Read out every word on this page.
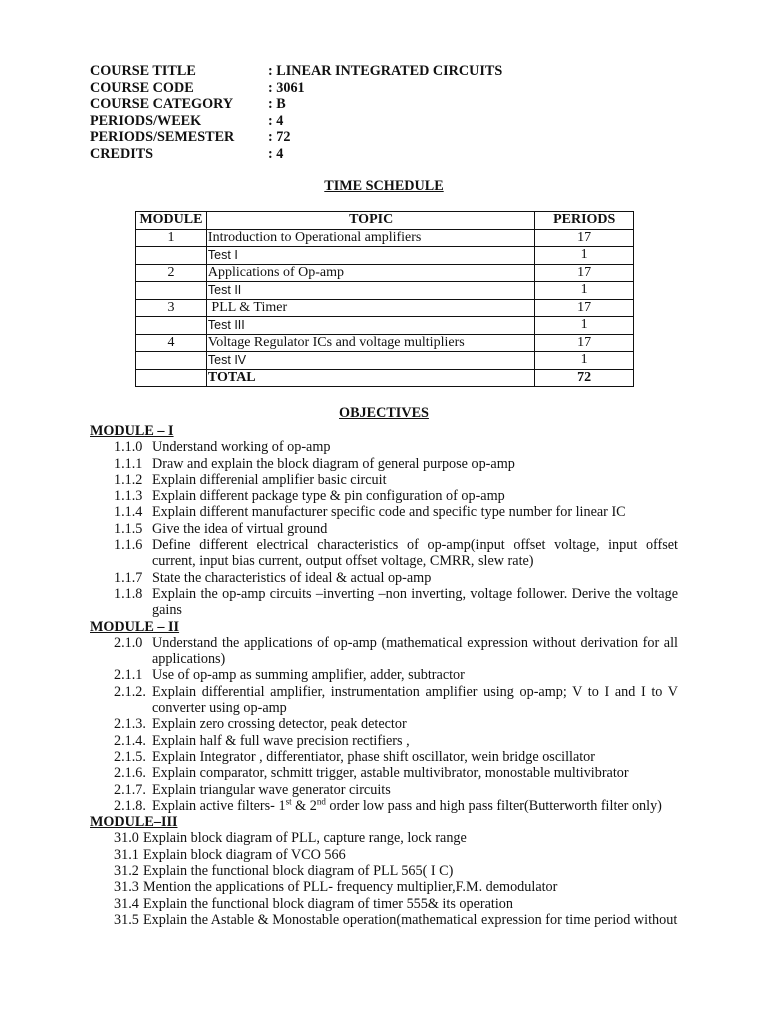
COURSE TITLE	: LINEAR INTEGRATED CIRCUITS
COURSE CODE	: 3061
COURSE CATEGORY	: B
PERIODS/WEEK	: 4
PERIODS/SEMESTER	: 72
CREDITS	: 4
TIME SCHEDULE
MODULE	TOPIC	PERIODS
1	Introduction to Operational amplifiers	17
	Test I	1
2	Applications of Op-amp	17
	Test II	1
3	PLL & Timer	17
	Test III	1
4	Voltage Regulator ICs and voltage multipliers	17
	Test IV	1
	TOTAL	72
OBJECTIVES
MODULE – I
1.1.0 Understand working of op-amp
1.1.1 Draw and explain the block diagram of general purpose op-amp
1.1.2 Explain differenial amplifier basic circuit
1.1.3 Explain different package type & pin configuration of op-amp
1.1.4 Explain different manufacturer specific code and specific type number for linear IC
1.1.5 Give the idea of virtual ground
1.1.6 Define different electrical characteristics of op-amp(input offset voltage, input offset current, input bias current, output offset voltage, CMRR, slew rate)
1.1.7 State the characteristics of ideal & actual op-amp
1.1.8 Explain the op-amp circuits –inverting –non inverting, voltage follower. Derive the voltage gains
MODULE – II
2.1.0 Understand the applications of op-amp (mathematical expression without derivation for all applications)
2.1.1 Use of op-amp as summing amplifier, adder, subtractor
2.1.2. Explain differential amplifier, instrumentation amplifier using op-amp; V to I and I to V converter using op-amp
2.1.3. Explain zero crossing detector, peak detector
2.1.4. Explain half & full wave precision rectifiers ,
2.1.5. Explain Integrator , differentiator, phase shift oscillator, wein bridge oscillator
2.1.6. Explain comparator, schmitt trigger, astable multivibrator, monostable multivibrator
2.1.7. Explain triangular wave generator circuits
2.1.8. Explain active filters- 1st & 2nd order low pass and high pass filter(Butterworth filter only)
MODULE–III
31.0 Explain block diagram of PLL, capture range, lock range
31.1 Explain block diagram of VCO 566
31.2 Explain the functional block diagram of PLL 565( I C)
31.3 Mention the applications of PLL- frequency multiplier,F.M. demodulator
31.4 Explain the functional block diagram of timer 555& its operation
31.5 Explain the Astable & Monostable operation(mathematical expression for time period without
